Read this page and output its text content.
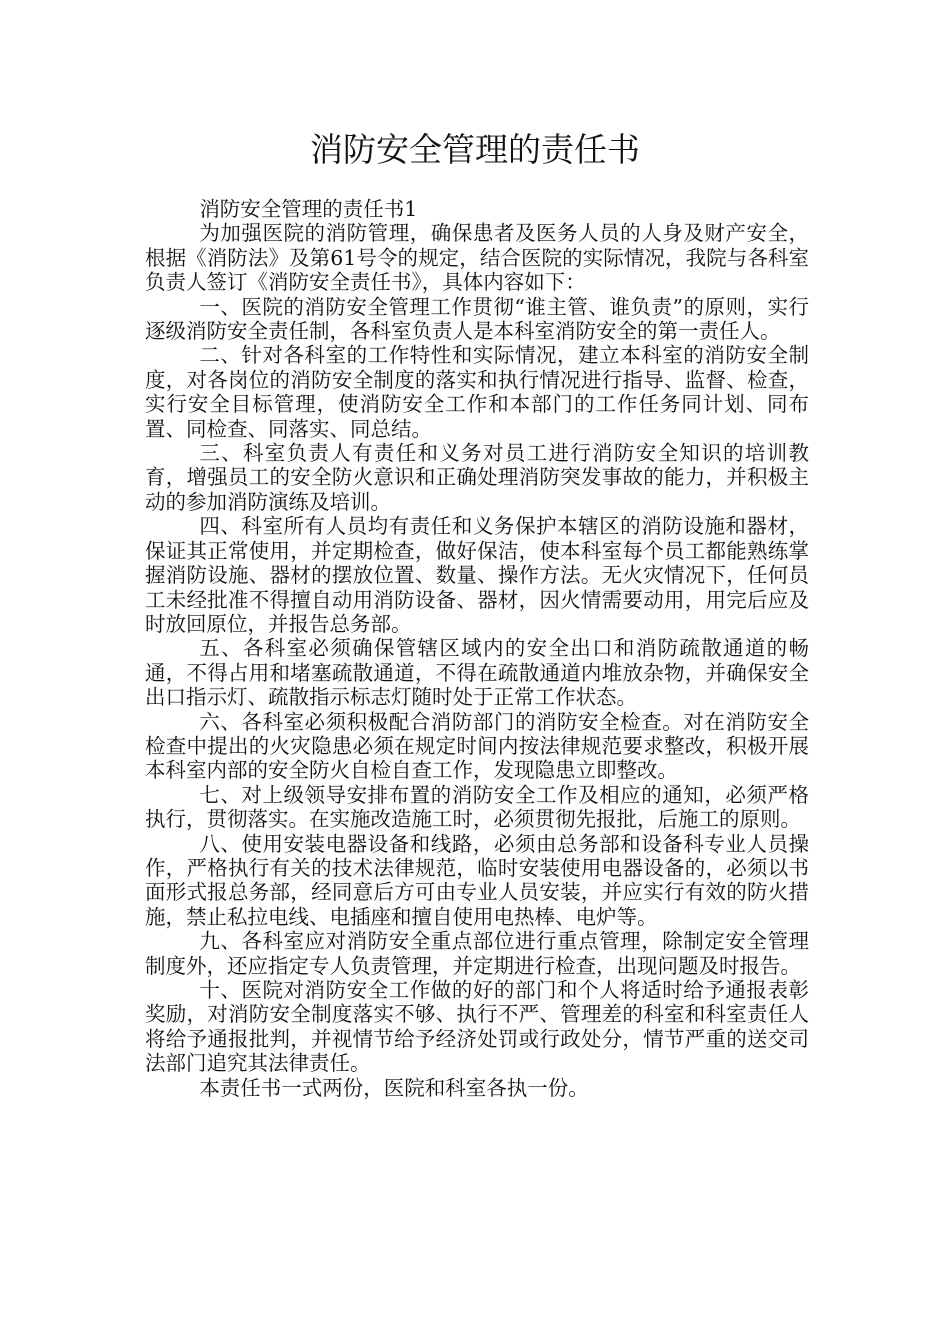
消防安全管理的责任书

消防安全管理的责任书1

为加强医院的消防管理，确保患者及医务人员的人身及财产安全，根据《消防法》及第61号令的规定，结合医院的实际情况，我院与各科室负责人签订《消防安全责任书》，具体内容如下：

一、医院的消防安全管理工作贯彻“谁主管、谁负责”的原则，实行逐级消防安全责任制，各科室负责人是本科室消防安全的第一责任人。

二、针对各科室的工作特性和实际情况，建立本科室的消防安全制度，对各岗位的消防安全制度的落实和执行情况进行指导、监督、检查，实行安全目标管理，使消防安全工作和本部门的工作任务同计划、同布置、同检查、同落实、同总结。

三、科室负责人有责任和义务对员工进行消防安全知识的培训教育，增强员工的安全防火意识和正确处理消防突发事故的能力，并积极主动的参加消防演练及培训。

四、科室所有人员均有责任和义务保护本辖区的消防设施和器材，保证其正常使用，并定期检查，做好保洁，使本科室每个员工都能熟练掌握消防设施、器材的摆放位置、数量、操作方法。无火灾情况下，任何员工未经批准不得擅自动用消防设备、器材，因火情需要动用，用完后应及时放回原位，并报告总务部。

五、各科室必须确保管辖区域内的安全出口和消防疏散通道的畅通，不得占用和堵塞疏散通道，不得在疏散通道内堆放杂物，并确保安全出口指示灯、疏散指示标志灯随时处于正常工作状态。

六、各科室必须积极配合消防部门的消防安全检查。对在消防安全检查中提出的火灾隐患必须在规定时间内按法律规范要求整改，积极开展本科室内部的安全防火自检自查工作，发现隐患立即整改。

七、对上级领导安排布置的消防安全工作及相应的通知，必须严格执行，贯彻落实。在实施改造施工时，必须贯彻先报批，后施工的原则。

八、使用安装电器设备和线路，必须由总务部和设备科专业人员操作，严格执行有关的技术法律规范，临时安装使用电器设备的，必须以书面形式报总务部，经同意后方可由专业人员安装，并应实行有效的防火措施，禁止私拉电线、电插座和擅自使用电热棒、电炉等。

九、各科室应对消防安全重点部位进行重点管理，除制定安全管理制度外，还应指定专人负责管理，并定期进行检查，出现问题及时报告。

十、医院对消防安全工作做的好的部门和个人将适时给予通报表彰奖励，对消防安全制度落实不够、执行不严、管理差的科室和科室责任人将给予通报批判，并视情节给予经济处罚或行政处分，情节严重的送交司法部门追究其法律责任。

本责任书一式两份，医院和科室各执一份。
